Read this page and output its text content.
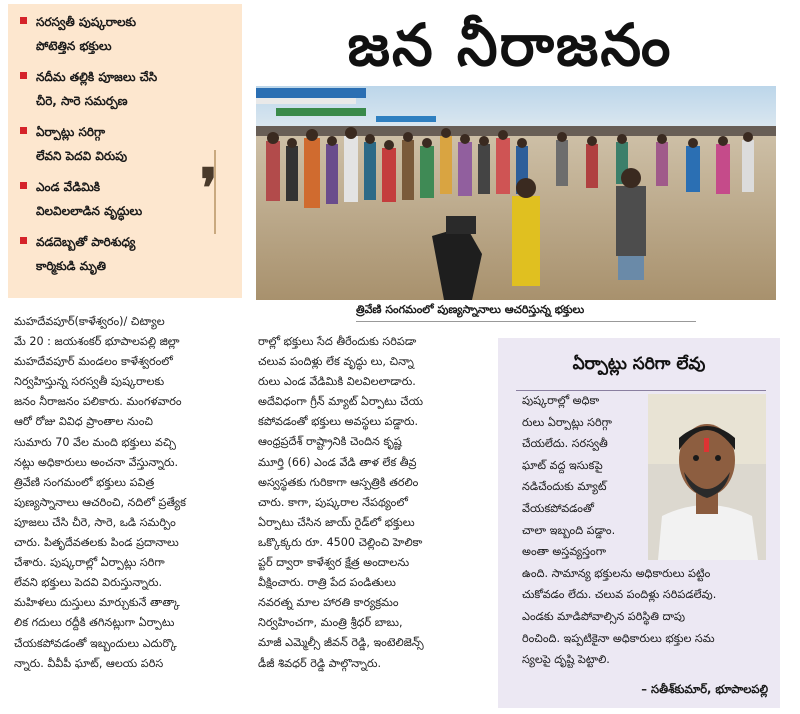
సరస్వతీ పుష్కరాలకు
పోటెత్తిన భక్తులు
నదీమ తల్లికి పూజలు చేసి
చీరె, సారె సమర్పణ
ఏర్పాట్లు సరిగ్గా
లేవని పెదవి విరుపు
ఎండ వేడిమికి
విలవిలలాడిన వృద్ధులు
వడదెబ్బతో పారిశుధ్య
కార్మికుడి మృతి
❜
జన నీరాజనం
త్రివేణి సంగమంలో పుణ్యస్నానాలు ఆచరిస్తున్న భక్తులు

మహదేవపూర్(కాళేశ్వరం)/ చిట్యాల

మే 20 : జయశంకర్ భూపాలపల్లి జిల్లా

మహదేవపూర్ మండలం కాళేశ్వరంలో

నిర్వహిస్తున్న సరస్వతీ పుష్కరాలకు

జనం నీరాజనం పలికారు. మంగళవారం

ఆరో రోజు వివిధ ప్రాంతాల నుంచి

సుమారు 70 వేల మంది భక్తులు వచ్చి

నట్లు అధికారులు అంచనా వేస్తున్నారు.

త్రివేణి సంగమంలో భక్తులు పవిత్ర

పుణ్యస్నానాలు ఆచరించి, నదిలో ప్రత్యేక

పూజలు చేసి చీరె, సారె, ఒడి సమర్పిం

చారు. పితృదేవతలకు పిండ ప్రదానాలు

చేశారు. పుష్కరాల్లో ఏర్పాట్లు సరిగా

లేవని భక్తులు పెదవి విరుస్తున్నారు.

మహిళలు దుస్తులు మార్చుకునే తాత్కా

లిక గదులు రద్దీకి తగినట్లుగా ఏర్పాటు

చేయకపోవడంతో ఇబ్బందులు ఎదుర్కొ

న్నారు. వీవీపీ ఘాట్, ఆలయ పరిస

రాల్లో భక్తులు సేద తీరేందుకు సరిపడా

చలువ పందిళ్లు లేక వృద్ధు లు, చిన్నా

రులు ఎండ వేడిమికి విలవిలలాడారు.

అదేవిధంగా గ్రీన్ మ్యాట్ ఏర్పాటు చేయ

కపోవడంతో భక్తులు అవస్థలు పడ్డారు.

ఆంధ్రప్రదేశ్ రాష్ట్రానికి చెందిన కృష్ణ

మూర్తి (66) ఎండ వేడి తాళ లేక తీవ్ర

అస్వస్థతకు గురికాగా ఆస్పత్రికి తరలిం

చారు. కాగా, పుష్కరాల నేపథ్యంలో

ఏర్పాటు చేసిన జాయ్ రైడ్‌లో భక్తులు

ఒక్కొక్కరు రూ. 4500 చెల్లించి హెలికా

ప్టర్ ద్వారా కాళేశ్వర క్షేత్ర అందాలను

వీక్షించారు. రాత్రి పేద పండితులు

నవరత్న మాల హారతి కార్యక్రమం

నిర్వహించగా, మంత్రి శ్రీధర్ బాబు,

మాజీ ఎమ్మెల్సీ జీవన్ రెడ్డి, ఇంటెలిజెన్స్

డీజీ శివధర్ రెడ్డి పాల్గొన్నారు.

ఏర్పాట్లు సరిగా లేవు

పుష్కరాల్లో అధికా

రులు ఏర్పాట్లు సరిగ్గా

చేయలేదు. సరస్వతీ

ఘాట్ వద్ద ఇసుకపై

నడిచేందుకు మ్యాట్

వేయకపోవడంతో

చాలా ఇబ్బంది పడ్డాం.

అంతా అస్తవ్యస్తంగా

ఉంది. సామాన్య భక్తులను అధికారులు పట్టిం

చుకోవడం లేదు. చలువ పందిళ్లు సరిపడలేవు.

ఎండకు మాడిపోవాల్సిన పరిస్థితి దాపు

రించింది. ఇప్పటికైనా అధికారులు భక్తుల సమ

స్యలపై దృష్టి పెట్టాలి.

– సతీశ్‌కుమార్, భూపాలపల్లి
